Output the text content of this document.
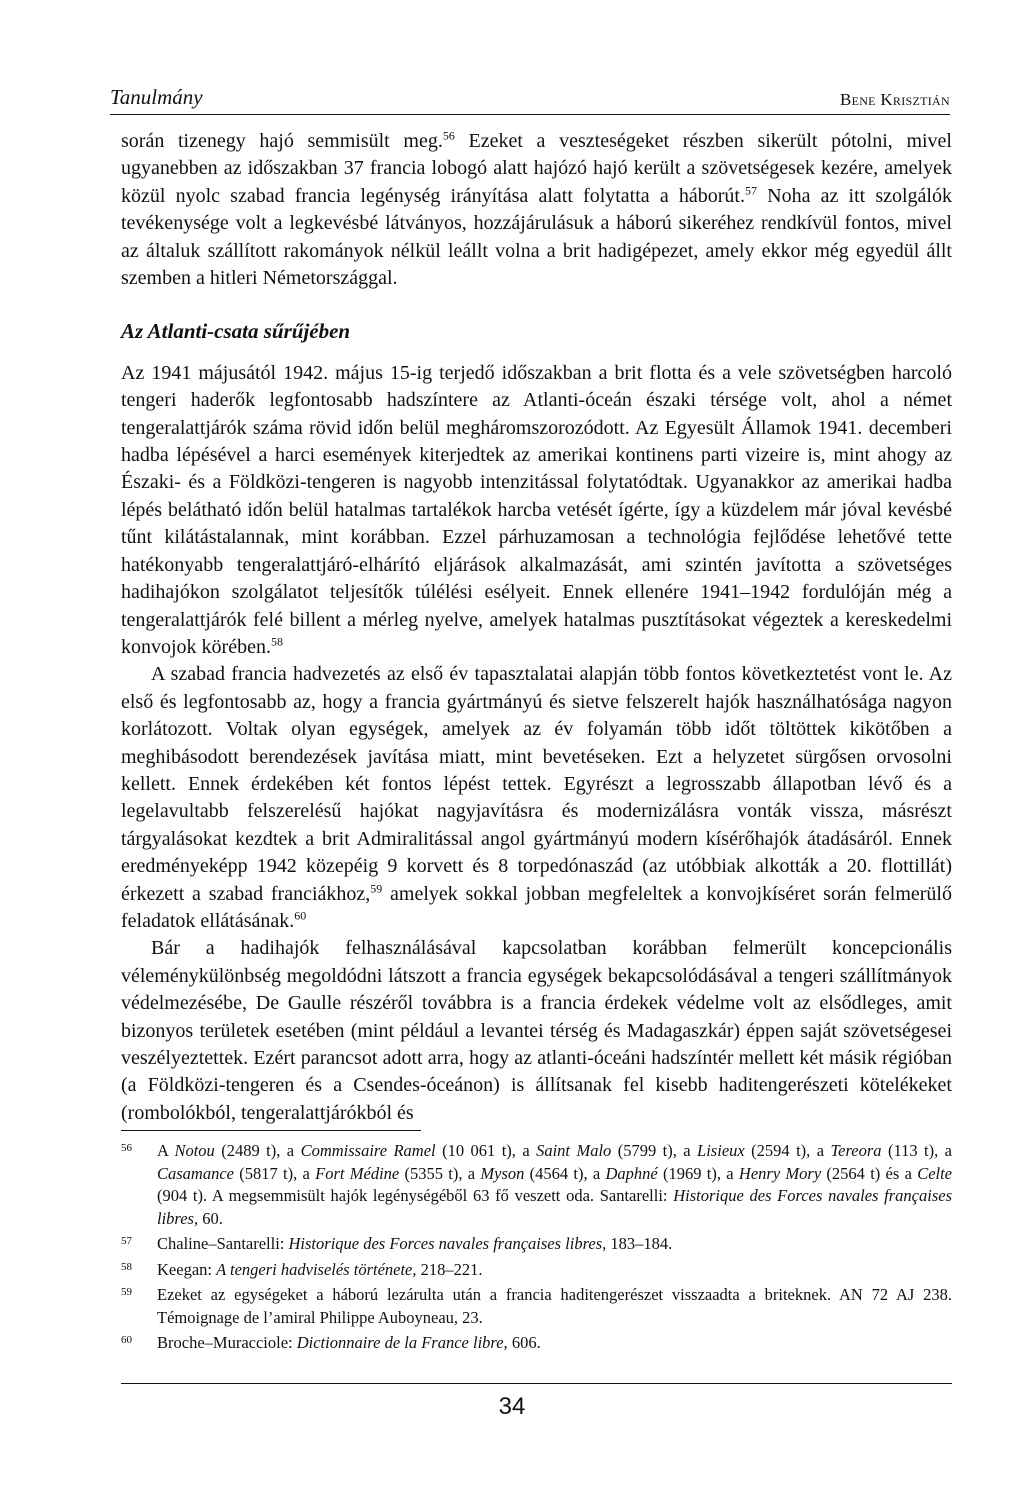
Tanulmány	Bene Krisztián

során tizenegy hajó semmisült meg.$^{56}$ Ezeket a veszteségeket részben sikerült pótolni, mivel ugyanebben az időszakban 37 francia lobogó alatt hajózó hajó került a szövetségesek kezére, amelyek közül nyolc szabad francia legénység irányítása alatt folytatta a háborút.$^{57}$ Noha az itt szolgálók tevékenysége volt a legkevésbé látványos, hozzájárulásuk a háború sikeréhez rendkívül fontos, mivel az általuk szállított rakományok nélkül leállt volna a brit hadigépezet, amely ekkor még egyedül állt szemben a hitleri Németországgal.

Az Atlanti-csata sűrűjében

Az 1941 májusától 1942. május 15-ig terjedő időszakban a brit flotta és a vele szövetségben harcoló tengeri haderők legfontosabb hadszíntere az Atlanti-óceán északi térsége volt, ahol a német tengeralattjárók száma rövid időn belül megháromszorozódott. Az Egyesült Államok 1941. decemberi hadba lépésével a harci események kiterjedtek az amerikai kontinens parti vizeire is, mint ahogy az Északi- és a Földközi-tengeren is nagyobb intenzitással folytatódtak. Ugyanakkor az amerikai hadba lépés belátható időn belül hatalmas tartalékok harcba vetését ígérte, így a küzdelem már jóval kevésbé tűnt kilátástalannak, mint korábban. Ezzel párhuzamosan a technológia fejlődése lehetővé tette hatékonyabb tengeralattjáró-elhárító eljárások alkalmazását, ami szintén javította a szövetséges hadihajókon szolgálatot teljesítők túlélési esélyeit. Ennek ellenére 1941–1942 fordulóján még a tengeralattjárók felé billent a mérleg nyelve, amelyek hatalmas pusztításokat végeztek a kereskedelmi konvojok körében.$^{58}$

A szabad francia hadvezetés az első év tapasztalatai alapján több fontos következtetést vont le. Az első és legfontosabb az, hogy a francia gyártmányú és sietve felszerelt hajók használhatósága nagyon korlátozott. Voltak olyan egységek, amelyek az év folyamán több időt töltöttek kikötőben a meghibásodott berendezések javítása miatt, mint bevetéseken. Ezt a helyzetet sürgősen orvosolni kellett. Ennek érdekében két fontos lépést tettek. Egyrészt a legrosszabb állapotban lévő és a legelavultabb felszerelésű hajókat nagyjavításra és modernizálásra vonták vissza, másrészt tárgyalásokat kezdtek a brit Admiralitással angol gyártmányú modern kísérőhajók átadásáról. Ennek eredményeképp 1942 közepéig 9 korvett és 8 torpedónaszád (az utóbbiak alkották a 20. flottillát) érkezett a szabad franciákhoz,$^{59}$ amelyek sokkal jobban megfeleltek a konvojkíséret során felmerülő feladatok ellátásának.$^{60}$

Bár a hadihajók felhasználásával kapcsolatban korábban felmerült koncepcionális véleménykülönbség megoldódni látszott a francia egységek bekapcsolódásával a tengeri szállítmányok védelmezésébe, De Gaulle részéről továbbra is a francia érdekek védelme volt az elsődleges, amit bizonyos területek esetében (mint például a levantei térség és Madagaszkár) éppen saját szövetségesei veszélyeztettek. Ezért parancsot adott arra, hogy az atlanti-óceáni hadszíntér mellett két másik régióban (a Földközi-tengeren és a Csendes-óceánon) is állítsanak fel kisebb haditengerészeti kötelékeket (rombolókból, tengeralattjárókból és

56 A Notou (2489 t), a Commissaire Ramel (10 061 t), a Saint Malo (5799 t), a Lisieux (2594 t), a Tereora (113 t), a Casamance (5817 t), a Fort Médine (5355 t), a Myson (4564 t), a Daphné (1969 t), a Henry Mory (2564 t) és a Celte (904 t). A megsemmisült hajók legénységéből 63 fő veszett oda. Santarelli: Historique des Forces navales françaises libres, 60.
57 Chaline–Santarelli: Historique des Forces navales françaises libres, 183–184.
58 Keegan: A tengeri hadviselés története, 218–221.
59 Ezeket az egységeket a háború lezárulta után a francia haditengerészet visszaadta a briteknek. AN 72 AJ 238. Témoignage de l’amiral Philippe Auboyneau, 23.
60 Broche–Muracciole: Dictionnaire de la France libre, 606.
34
